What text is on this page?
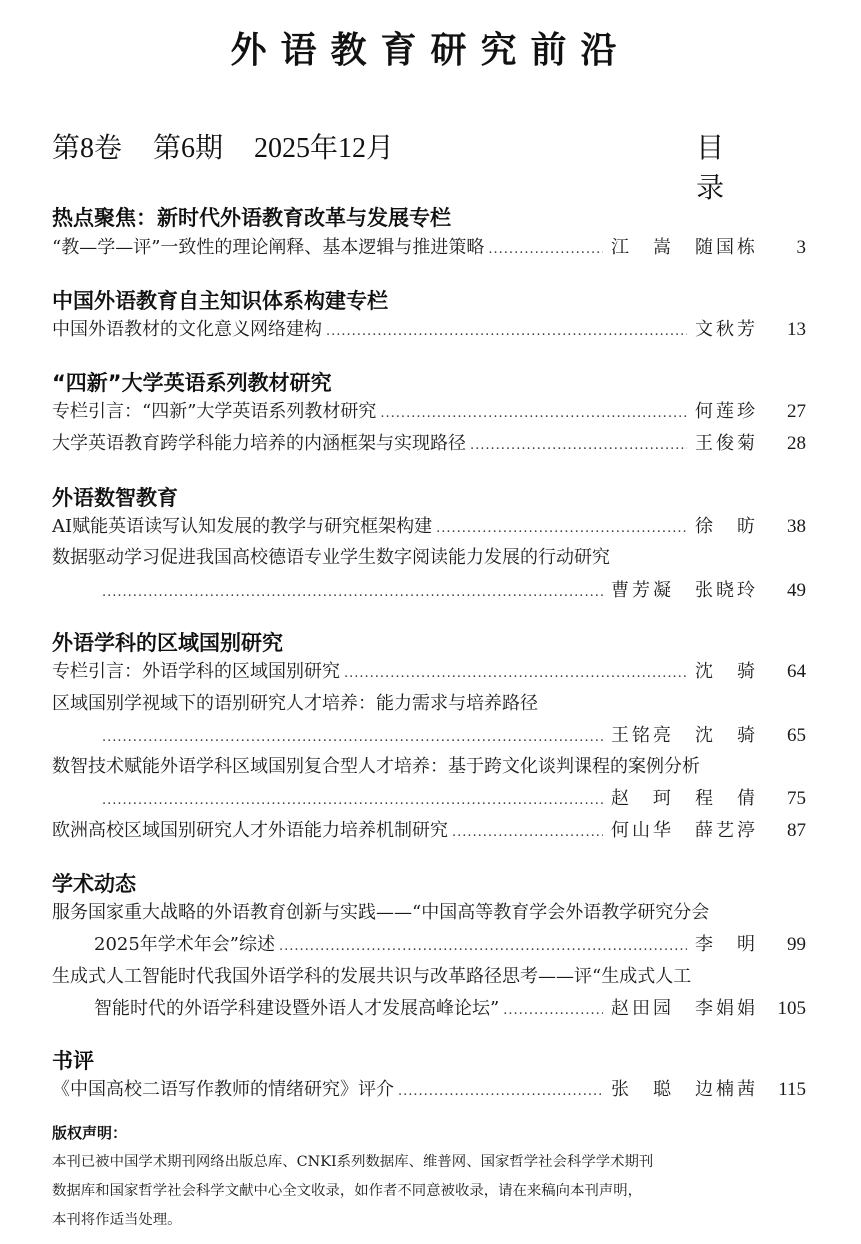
外语教育研究前沿
第8卷 第6期 2025年12月	目 录
热点聚焦：新时代外语教育改革与发展专栏
“教—学—评”一致性的理论阐释、基本逻辑与推进策略 .....	江　嵩　随国栋	3
中国外语教育自主知识体系构建专栏
中国外语教材的文化意义网络建构 .....	文秋芳	13
“四新”大学英语系列教材研究
专栏引言：“四新”大学英语系列教材研究 .....	何莲珍	27
大学英语教育跨学科能力培养的内涵框架与实现路径 .....	王俊菊	28
外语数智教育
AI赋能英语读写认知发展的教学与研究框架构建 .....	徐　昉	38
数据驱动学习促进我国高校德语专业学生数字阅读能力发展的行动研究
.....
曹芳凝　张晓玲	49
外语学科的区域国别研究
专栏引言：外语学科的区域国别研究 .....	沈　骑	64
区域国别学视域下的语别研究人才培养：能力需求与培养路径
.....
王铭亮　沈　骑	65
数智技术赋能外语学科区域国别复合型人才培养：基于跨文化谈判课程的案例分析
.....
赵　珂　程　倩	75
欧洲高校区域国别研究人才外语能力培养机制研究 .....	何山华　薛艺渟	87
学术动态
服务国家重大战略的外语教育创新与实践——“中国高等教育学会外语教学研究分会
2025年学术年会”综述 .....	李　明	99
生成式人工智能时代我国外语学科的发展共识与改革路径思考——评“生成式人工
智能时代的外语学科建设暨外语人才发展高峰论坛” .....	赵田园　李娟娟	105
书评
《中国高校二语写作教师的情绪研究》评介 .....	张　聪　边楠茜	115
版权声明：
本刊已被中国学术期刊网络出版总库、CNKI系列数据库、维普网、国家哲学社会科学学术期刊
数据库和国家哲学社会科学文献中心全文收录，如作者不同意被收录，请在来稿向本刊声明，
本刊将作适当处理。
